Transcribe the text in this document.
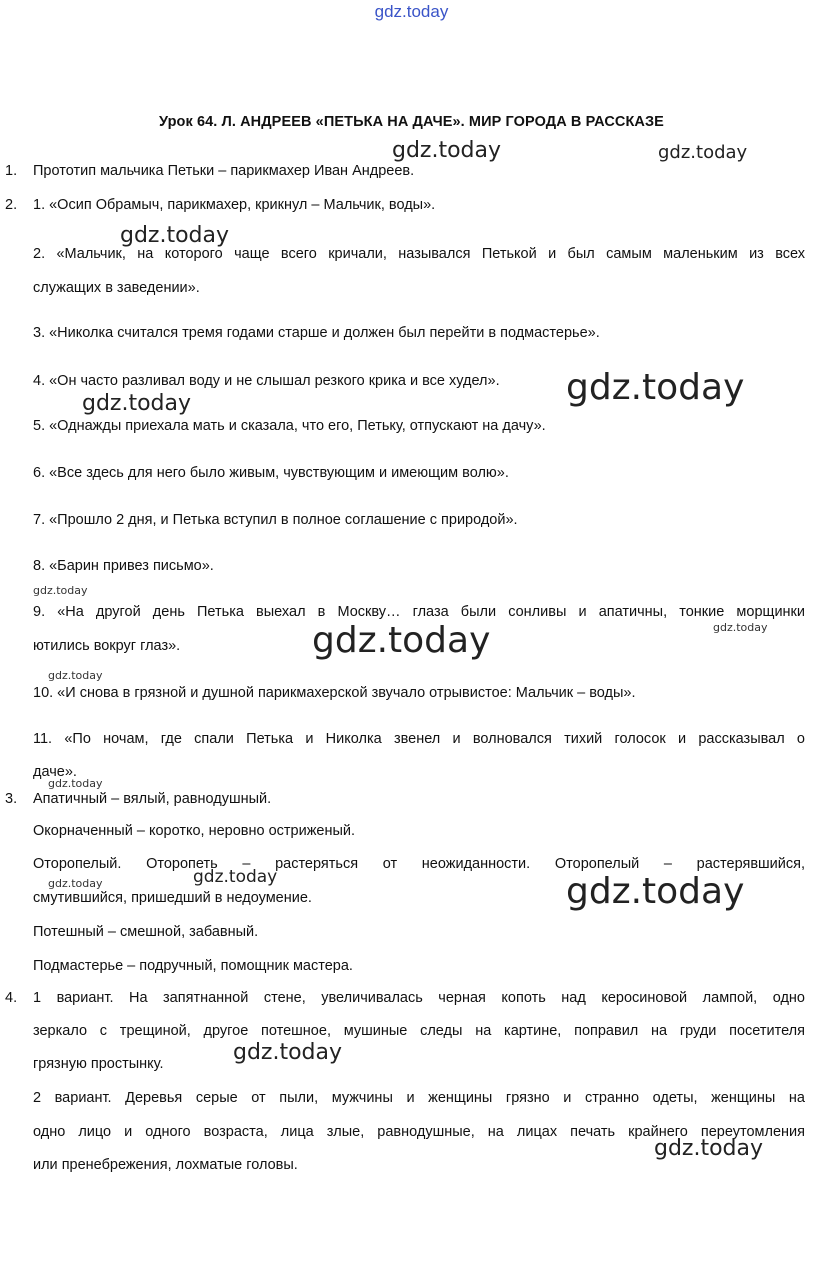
gdz.today
Урок 64. Л. АНДРЕЕВ «ПЕТЬКА НА ДАЧЕ». МИР ГОРОДА В РАССКАЗЕ
1.
2.
3.
4.
Прототип мальчика Петьки – парикмахер Иван Андреев.
1. «Осип Обрамыч, парикмахер, крикнул – Мальчик, воды».
2. «Мальчик, на которого чаще всего кричали, назывался Петькой и был самым маленьким из всех
служащих в заведении».
3. «Николка считался тремя годами старше и должен был перейти в подмастерье».
4. «Он часто разливал воду и не слышал резкого крика и все худел».
5. «Однажды приехала мать и сказала, что его, Петьку, отпускают на дачу».
6. «Все здесь для него было живым, чувствующим и имеющим волю».
7. «Прошло 2 дня, и Петька вступил в полное соглашение с природой».
8. «Барин привез письмо».
9. «На другой день Петька выехал в Москву… глаза были сонливы и апатичны, тонкие морщинки
ютились вокруг глаз».
10. «И снова в грязной и душной парикмахерской звучало отрывистое: Мальчик – воды».
11. «По ночам, где спали Петька и Николка звенел и волновался тихий голосок и рассказывал о
даче».
Апатичный – вялый, равнодушный.
Окорначенный – коротко, неровно остриженый.
Оторопелый. Оторопеть – растеряться от неожиданности. Оторопелый – растерявшийся,
смутившийся, пришедший в недоумение.
Потешный – смешной, забавный.
Подмастерье – подручный, помощник мастера.
1 вариант. На запятнанной стене, увеличивалась черная копоть над керосиновой лампой, одно
зеркало с трещиной, другое потешное, мушиные следы на картине, поправил на груди посетителя
грязную простынку.
2 вариант. Деревья серые от пыли, мужчины и женщины грязно и странно одеты, женщины на
одно лицо и одного возраста, лица злые, равнодушные, на лицах печать крайнего переутомления
или пренебрежения, лохматые головы.
gdz.today	gdz.today
gdz.today
gdz.today
gdz.today
gdz.today
gdz.today	gdz.today
gdz.today
gdz.today
gdz.today
gdz.today	gdz.today
gdz.today
gdz.today
